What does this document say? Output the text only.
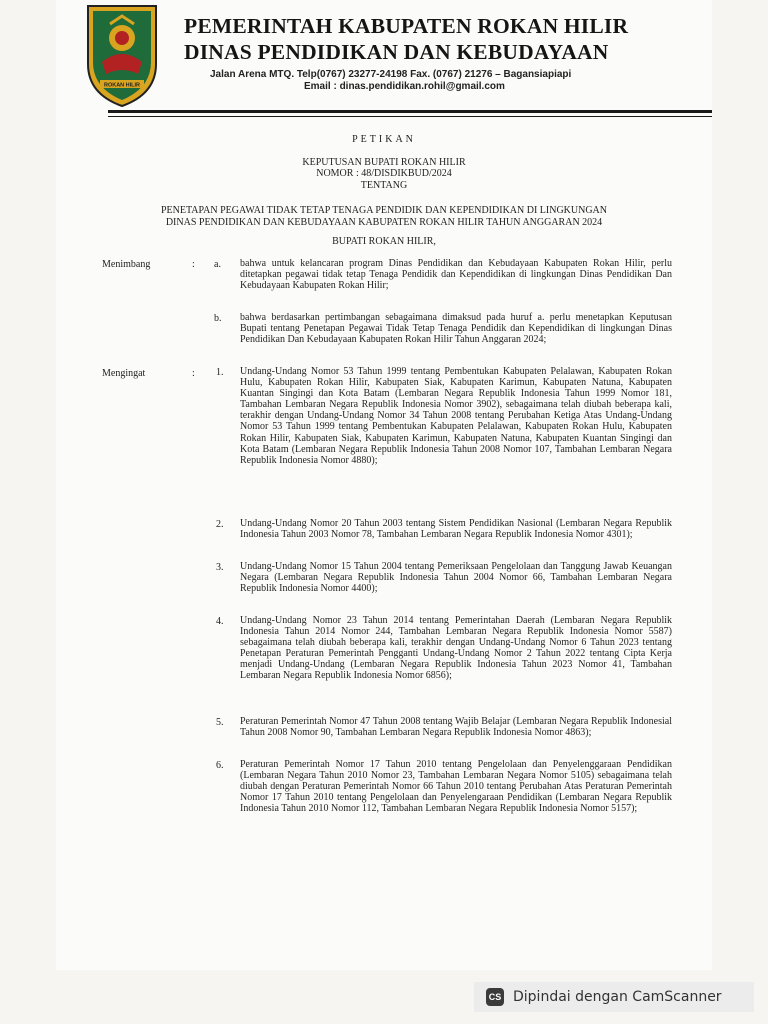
ROKAN HILIR
PEMERINTAH KABUPATEN ROKAN HILIR
DINAS PENDIDIKAN DAN KEBUDAYAAN
Jalan Arena MTQ. Telp(0767) 23277-24198 Fax. (0767) 21276 – Bagansiapiapi
Email : dinas.pendidikan.rohil@gmail.com
PETIKAN
KEPUTUSAN BUPATI ROKAN HILIR
NOMOR : 48/DISDIKBUD/2024
TENTANG
PENETAPAN PEGAWAI TIDAK TETAP TENAGA PENDIDIK DAN KEPENDIDIKAN DI LINGKUNGAN
DINAS PENDIDIKAN DAN KEBUDAYAAN KABUPATEN ROKAN HILIR TAHUN ANGGARAN 2024
BUPATI ROKAN HILIR,
Menimbang	: a. bahwa untuk kelancaran program Dinas Pendidikan dan Kebudayaan Kabupaten Rokan Hilir, perlu ditetapkan pegawai tidak tetap Tenaga Pendidik dan Kependidikan di lingkungan Dinas Pendidikan Dan Kebudayaan Kabupaten Rokan Hilir;
b. bahwa berdasarkan pertimbangan sebagaimana dimaksud pada huruf a. perlu menetapkan Keputusan Bupati tentang Penetapan Pegawai Tidak Tetap Tenaga Pendidik dan Kependidikan di lingkungan Dinas Pendidikan Dan Kebudayaan Kabupaten Rokan Hilir Tahun Anggaran 2024;
Mengingat	: 1. Undang-Undang Nomor 53 Tahun 1999 tentang Pembentukan Kabupaten Pelalawan, Kabupaten Rokan Hulu, Kabupaten Rokan Hilir, Kabupaten Siak, Kabupaten Karimun, Kabupaten Natuna, Kabupaten Kuantan Singingi dan Kota Batam (Lembaran Negara Republik Indonesia Tahun 1999 Nomor 181, Tambahan Lembaran Negara Republik Indonesia Nomor 3902), sebagaimana telah diubah beberapa kali, terakhir dengan Undang-Undang Nomor 34 Tahun 2008 tentang Perubahan Ketiga Atas Undang-Undang Nomor 53 Tahun 1999 tentang Pembentukan Kabupaten Pelalawan, Kabupaten Rokan Hulu, Kabupaten Rokan Hilir, Kabupaten Siak, Kabupaten Karimun, Kabupaten Natuna, Kabupaten Kuantan Singingi dan Kota Batam (Lembaran Negara Republik Indonesia Tahun 2008 Nomor 107, Tambahan Lembaran Negara Republik Indonesia Nomor 4880);
2. Undang-Undang Nomor 20 Tahun 2003 tentang Sistem Pendidikan Nasional (Lembaran Negara Republik Indonesia Tahun 2003 Nomor 78, Tambahan Lembaran Negara Republik Indonesia Nomor 4301);
3. Undang-Undang Nomor 15 Tahun 2004 tentang Pemeriksaan Pengelolaan dan Tanggung Jawab Keuangan Negara (Lembaran Negara Republik Indonesia Tahun 2004 Nomor 66, Tambahan Lembaran Negara Republik Indonesia Nomor 4400);
4. Undang-Undang Nomor 23 Tahun 2014 tentang Pemerintahan Daerah (Lembaran Negara Republik Indonesia Tahun 2014 Nomor 244, Tambahan Lembaran Negara Republik Indonesia Nomor 5587) sebagaimana telah diubah beberapa kali, terakhir dengan Undang-Undang Nomor 6 Tahun 2023 tentang Penetapan Peraturan Pemerintah Pengganti Undang-Undang Nomor 2 Tahun 2022 tentang Cipta Kerja menjadi Undang-Undang (Lembaran Negara Republik Indonesia Tahun 2023 Nomor 41, Tambahan Lembaran Negara Republik Indonesia Nomor 6856);
5. Peraturan Pemerintah Nomor 47 Tahun 2008 tentang Wajib Belajar (Lembaran Negara Republik Indonesial Tahun 2008 Nomor 90, Tambahan Lembaran Negara Republik Indonesia Nomor 4863);
6. Peraturan Pemerintah Nomor 17 Tahun 2010 tentang Pengelolaan dan Penyelenggaraan Pendidikan (Lembaran Negara Tahun 2010 Nomor 23, Tambahan Lembaran Negara Nomor 5105) sebagaimana telah diubah dengan Peraturan Pemerintah Nomor 66 Tahun 2010 tentang Perubahan Atas Peraturan Pemerintah Nomor 17 Tahun 2010 tentang Pengelolaan dan Penyelengaraan Pendidikan (Lembaran Negara Republik Indonesia Tahun 2010 Nomor 112, Tambahan Lembaran Negara Republik Indonesia Nomor 5157);
CS Dipindai dengan CamScanner
